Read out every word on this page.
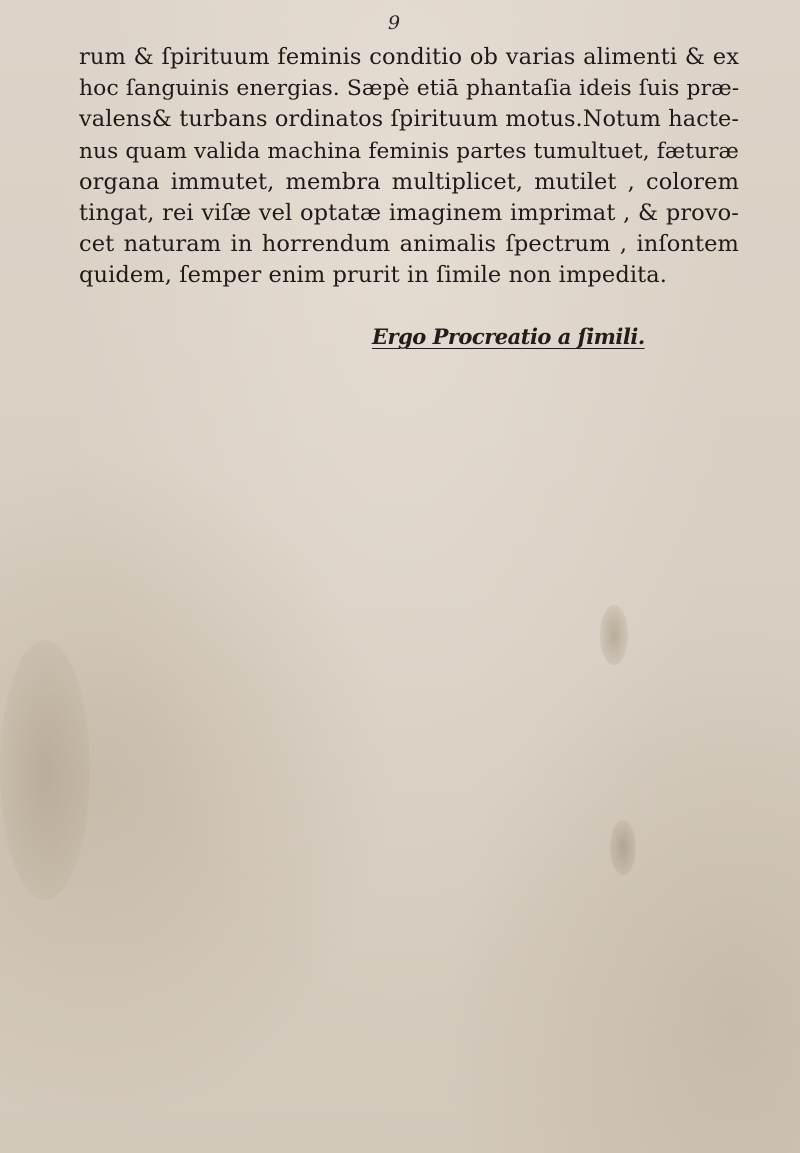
9
rum & ſpirituum feminis conditio ob varias alimenti & ex
hoc ſanguinis energias. Sæpè etiā phantaſia ideis ſuis præ-
valens& turbans ordinatos ſpirituum motus.Notum hacte-
nus quam valida machina feminis partes tumultuet, fæturæ
organa immutet, membra multiplicet, mutilet , colorem
tingat, rei viſæ vel optatæ imaginem imprimat , & provo-
cet naturam in horrendum animalis ſpectrum , inſontem
quidem, ſemper enim prurit in ſimile non impedita.
Ergo Procreatio a ſimili.
